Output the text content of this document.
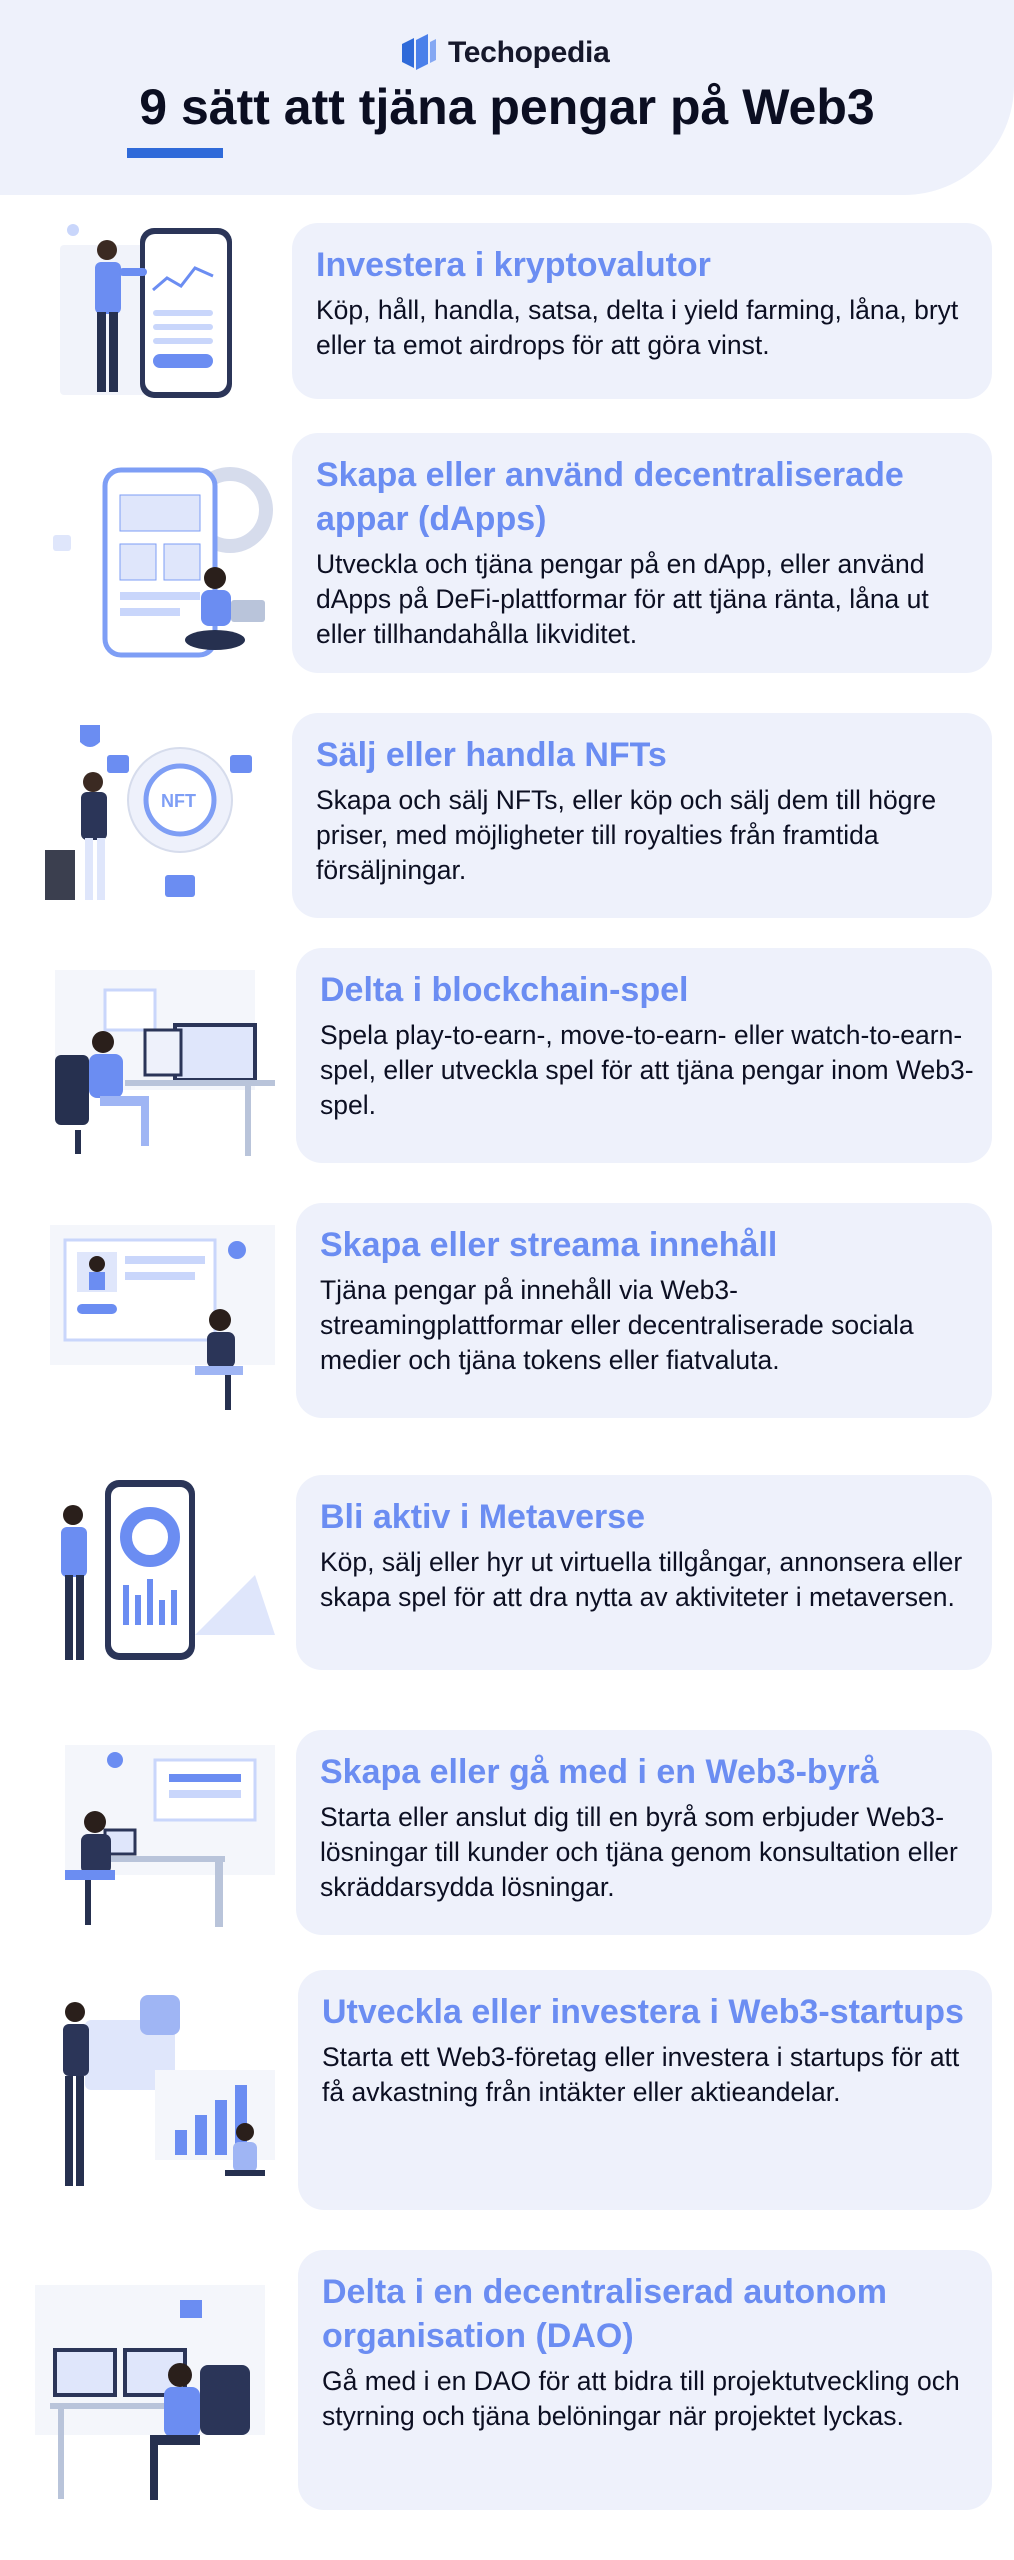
Techopedia
9 sätt att tjäna pengar på Web3
Investera i kryptovalutor

Köp, håll, handla, satsa, delta i yield farming, låna, bryt eller ta emot airdrops för att göra vinst.

Skapa eller använd decentraliserade appar (dApps)

Utveckla och tjäna pengar på en dApp, eller använd dApps på DeFi-plattformar för att tjäna ränta, låna ut eller tillhandahålla likviditet.

NFT
Sälj eller handla NFTs

Skapa och sälj NFTs, eller köp och sälj dem till högre priser, med möjligheter till royalties från framtida försäljningar.

Delta i blockchain-spel

Spela play-to-earn-, move-to-earn- eller watch-to-earn-spel, eller utveckla spel för att tjäna pengar inom Web3-spel.

Skapa eller streama innehåll

Tjäna pengar på innehåll via Web3-streamingplattformar eller decentraliserade sociala medier och tjäna tokens eller fiatvaluta.

Bli aktiv i Metaverse

Köp, sälj eller hyr ut virtuella tillgångar, annonsera eller skapa spel för att dra nytta av aktiviteter i metaversen.

Skapa eller gå med i en Web3-byrå

Starta eller anslut dig till en byrå som erbjuder Web3-lösningar till kunder och tjäna genom konsultation eller skräddarsydda lösningar.

Utveckla eller investera i Web3-startups

Starta ett Web3-företag eller investera i startups för att få avkastning från intäkter eller aktieandelar.

Delta i en decentraliserad autonom organisation (DAO)

Gå med i en DAO för att bidra till projektutveckling och styrning och tjäna belöningar när projektet lyckas.
